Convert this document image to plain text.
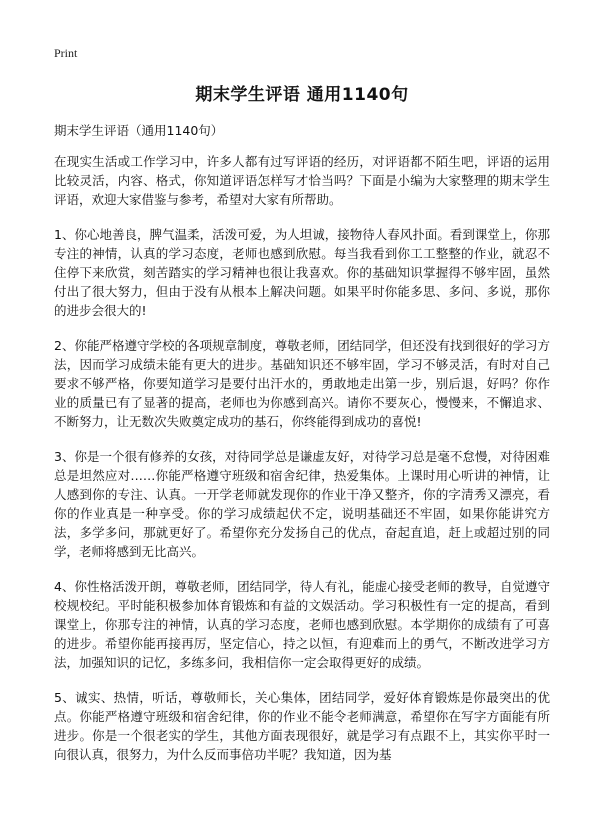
Print
期末学生评语 通用1140句
期末学生评语（通用1140句）

在现实生活或工作学习中，许多人都有过写评语的经历，对评语都不陌生吧，评语的运用比较灵活，内容、格式，你知道评语怎样写才恰当吗？下面是小编为大家整理的期末学生评语，欢迎大家借鉴与参考，希望对大家有所帮助。

1、你心地善良，脾气温柔，活泼可爱，为人坦诚，接物待人春风扑面。看到课堂上，你那专注的神情，认真的学习态度，老师也感到欣慰。每当我看到你工工整整的作业，就忍不住停下来欣赏，刻苦踏实的学习精神也很让我喜欢。你的基础知识掌握得不够牢固，虽然付出了很大努力，但由于没有从根本上解决问题。如果平时你能多思、多问、多说，那你的进步会很大的!

2、你能严格遵守学校的各项规章制度，尊敬老师，团结同学，但还没有找到很好的学习方法，因而学习成绩未能有更大的进步。基础知识还不够牢固，学习不够灵活，有时对自己要求不够严格，你要知道学习是要付出汗水的，勇敢地走出第一步，别后退，好吗？你作业的质量已有了显著的提高，老师也为你感到高兴。请你不要灰心，慢慢来，不懈追求、不断努力，让无数次失败奠定成功的基石，你终能得到成功的喜悦!

3、你是一个很有修养的女孩，对待同学总是谦虚友好，对待学习总是毫不怠慢，对待困难总是坦然应对……你能严格遵守班级和宿舍纪律，热爱集体。上课时用心听讲的神情，让人感到你的专注、认真。一开学老师就发现你的作业干净又整齐，你的字清秀又漂亮，看你的作业真是一种享受。你的学习成绩起伏不定，说明基础还不牢固，如果你能讲究方法，多学多问，那就更好了。希望你充分发扬自己的优点，奋起直追，赶上或超过别的同学，老师将感到无比高兴。

4、你性格活泼开朗，尊敬老师，团结同学，待人有礼，能虚心接受老师的教导，自觉遵守校规校纪。平时能积极参加体育锻炼和有益的文娱活动。学习积极性有一定的提高，看到课堂上，你那专注的神情，认真的学习态度，老师也感到欣慰。本学期你的成绩有了可喜的进步。希望你能再接再厉，坚定信心，持之以恒，有迎难而上的勇气，不断改进学习方法，加强知识的记忆，多练多问，我相信你一定会取得更好的成绩。

5、诚实、热情，听话，尊敬师长，关心集体，团结同学，爱好体育锻炼是你最突出的优点。你能严格遵守班级和宿舍纪律，你的作业不能令老师满意，希望你在写字方面能有所进步。你是一个很老实的学生，其他方面表现很好，就是学习有点跟不上，其实你平时一向很认真，很努力，为什么反而事倍功半呢？我知道，因为基
